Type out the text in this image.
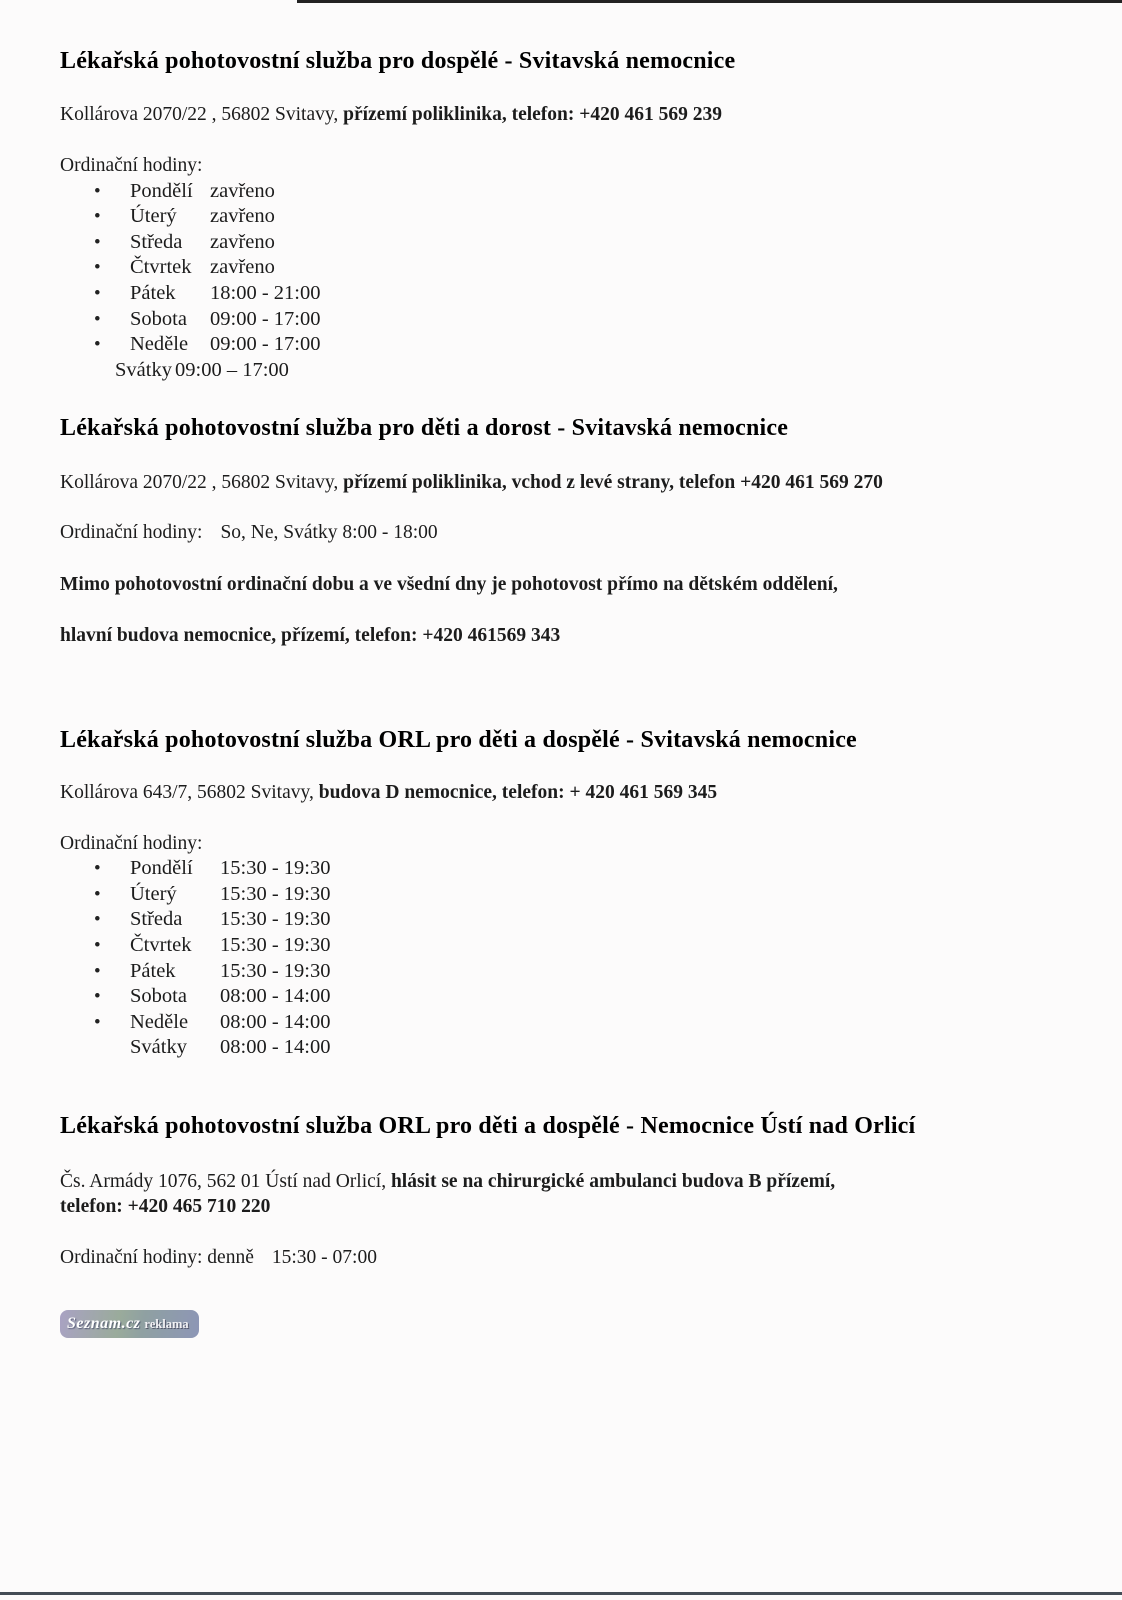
Lékařská pohotovostní služba pro dospělé - Svitavská nemocnice

Kollárova 2070/22 , 56802 Svitavy, přízemí poliklinika, telefon: +420 461 569 239

Ordinační hodiny:

• Pondělí zavřeno
• Úterý zavřeno
• Středa zavřeno
• Čtvrtek zavřeno
• Pátek 18:00 - 21:00
• Sobota 09:00 - 17:00
• Neděle 09:00 - 17:00

Svátky 09:00 – 17:00

Lékařská pohotovostní služba pro děti a dorost - Svitavská nemocnice

Kollárova 2070/22 , 56802 Svitavy, přízemí poliklinika, vchod z levé strany, telefon +420 461 569 270

Ordinační hodiny: So, Ne, Svátky 8:00 - 18:00

Mimo pohotovostní ordinační dobu a ve všední dny je pohotovost přímo na dětském oddělení,

hlavní budova nemocnice, přízemí, telefon: +420 461569 343

Lékařská pohotovostní služba ORL pro děti a dospělé - Svitavská nemocnice

Kollárova 643/7, 56802 Svitavy, budova D nemocnice, telefon: + 420 461 569 345

Ordinační hodiny:

• Pondělí 15:30 - 19:30
• Úterý 15:30 - 19:30
• Středa 15:30 - 19:30
• Čtvrtek 15:30 - 19:30
• Pátek 15:30 - 19:30
• Sobota 08:00 - 14:00
• Neděle 08:00 - 14:00

Svátky 08:00 - 14:00

Lékařská pohotovostní služba ORL pro děti a dospělé - Nemocnice Ústí nad Orlicí

Čs. Armády 1076, 562 01 Ústí nad Orlicí, hlásit se na chirurgické ambulanci budova B přízemí,
telefon: +420 465 710 220

Ordinační hodiny: denně 15:30 - 07:00

Seznam.cz reklama
